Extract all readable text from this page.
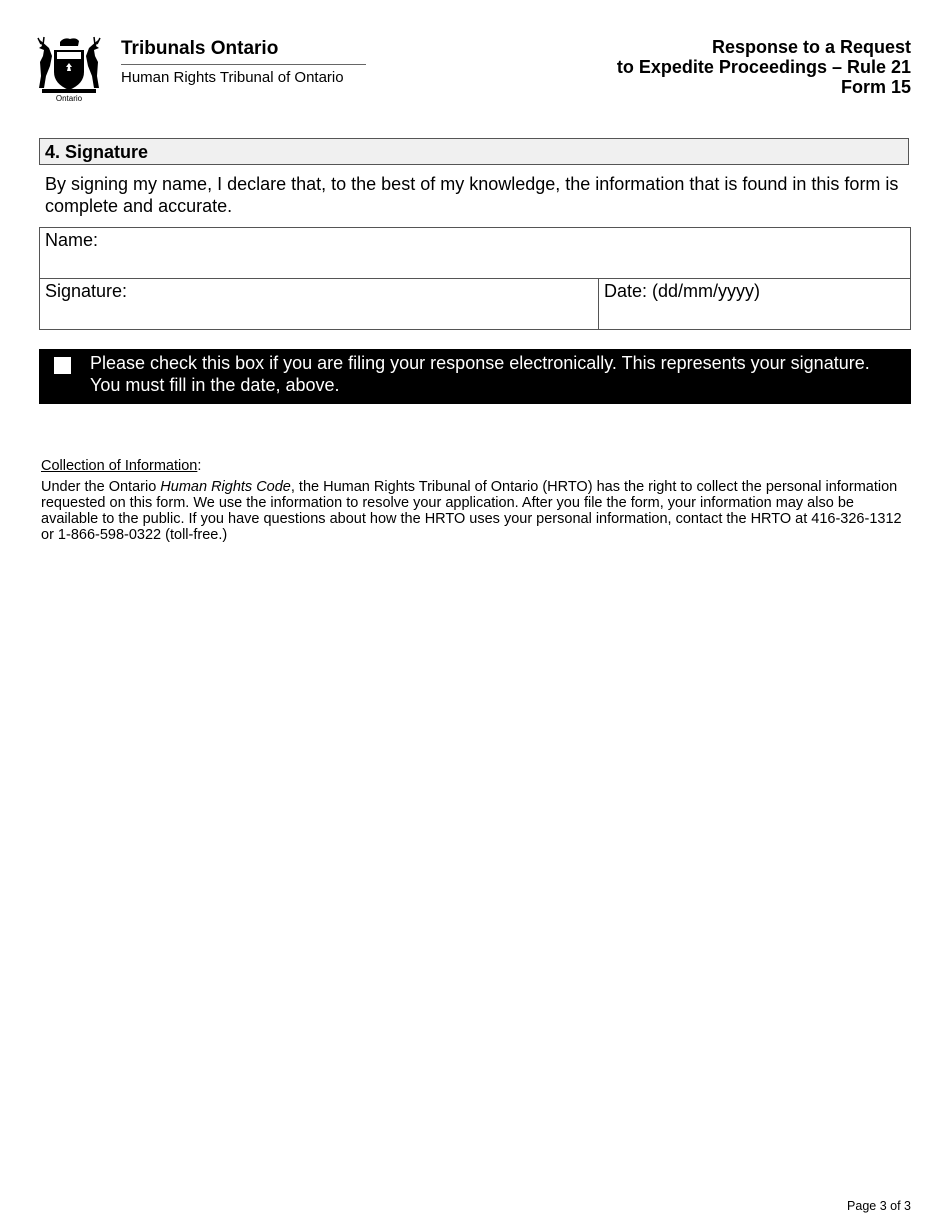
Ontario
Tribunals Ontario
Human Rights Tribunal of Ontario
Response to a Request
to Expedite Proceedings – Rule 21
Form 15
4. Signature
By signing my name, I declare that, to the best of my knowledge, the information that is found in this form is complete and accurate.
Name:
Signature:	Date: (dd/mm/yyyy)
Please check this box if you are filing your response electronically. This represents your signature.
You must fill in the date, above.
Collection of Information:
Under the Ontario Human Rights Code, the Human Rights Tribunal of Ontario (HRTO) has the right to collect the personal information requested on this form. We use the information to resolve your application. After you file the form, your information may also be available to the public. If you have questions about how the HRTO uses your personal information, contact the HRTO at 416-326-1312 or 1-866-598-0322 (toll-free.)
Page 3 of 3
